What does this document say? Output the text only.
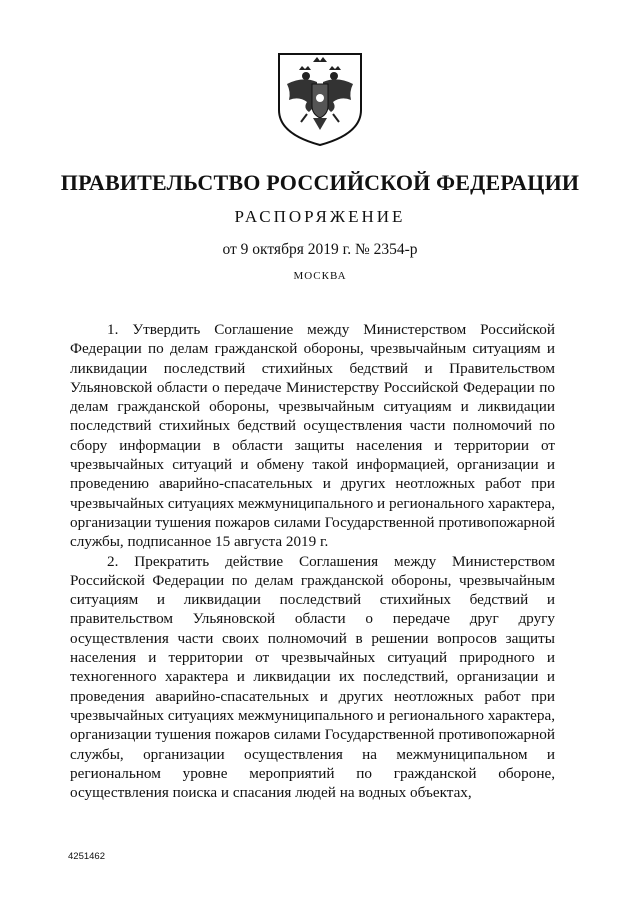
ПРАВИТЕЛЬСТВО РОССИЙСКОЙ ФЕДЕРАЦИИ
РАСПОРЯЖЕНИЕ
от 9 октября 2019 г. № 2354-р
МОСКВА

1. Утвердить Соглашение между Министерством Российской Федерации по делам гражданской обороны, чрезвычайным ситуациям и ликвидации последствий стихийных бедствий и Правительством Ульяновской области о передаче Министерству Российской Федерации по делам гражданской обороны, чрезвычайным ситуациям и ликвидации последствий стихийных бедствий осуществления части полномочий по сбору информации в области защиты населения и территории от чрезвычайных ситуаций и обмену такой информацией, организации и проведению аварийно-спасательных и других неотложных работ при чрезвычайных ситуациях межмуниципального и регионального характера, организации тушения пожаров силами Государственной противопожарной службы, подписанное 15 августа 2019 г.

2. Прекратить действие Соглашения между Министерством Российской Федерации по делам гражданской обороны, чрезвычайным ситуациям и ликвидации последствий стихийных бедствий и правительством Ульяновской области о передаче друг другу осуществления части своих полномочий в решении вопросов защиты населения и территории от чрезвычайных ситуаций природного и техногенного характера и ликвидации их последствий, организации и проведения аварийно-спасательных и других неотложных работ при чрезвычайных ситуациях межмуниципального и регионального характера, организации тушения пожаров силами Государственной противопожарной службы, организации осуществления на межмуниципальном и региональном уровне мероприятий по гражданской обороне, осуществления поиска и спасания людей на водных объектах,

4251462
